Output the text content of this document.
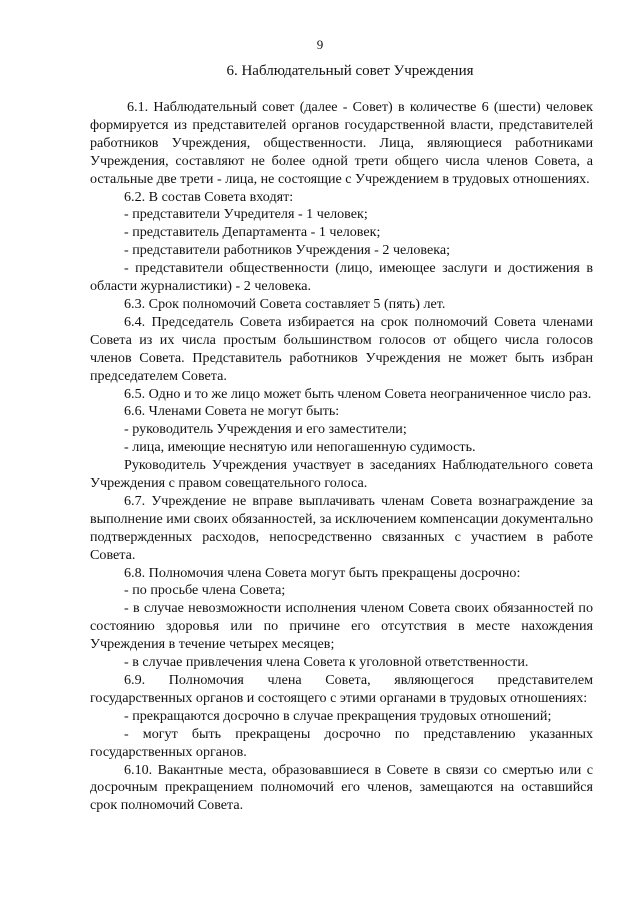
9
6. Наблюдательный совет Учреждения

6.1. Наблюдательный совет (далее - Совет) в количестве 6 (шести) человек формируется из представителей органов государственной власти, представителей работников Учреждения, общественности. Лица, являющиеся работниками Учреждения, составляют не более одной трети общего числа членов Совета, а остальные две трети - лица, не состоящие с Учреждением в трудовых отношениях.

6.2. В состав Совета входят:

- представители Учредителя - 1 человек;

- представитель Департамента - 1 человек;

- представители работников Учреждения - 2 человека;

- представители общественности (лицо, имеющее заслуги и достижения в области журналистики) - 2 человека.

6.3. Срок полномочий Совета составляет 5 (пять) лет.

6.4. Председатель Совета избирается на срок полномочий Совета членами Совета из их числа простым большинством голосов от общего числа голосов членов Совета. Представитель работников Учреждения не может быть избран председателем Совета.

6.5. Одно и то же лицо может быть членом Совета неограниченное число раз.

6.6. Членами Совета не могут быть:

- руководитель Учреждения и его заместители;

- лица, имеющие неснятую или непогашенную судимость.

Руководитель Учреждения участвует в заседаниях Наблюдательного совета Учреждения с правом совещательного голоса.

6.7. Учреждение не вправе выплачивать членам Совета вознаграждение за выполнение ими своих обязанностей, за исключением компенсации документально подтвержденных расходов, непосредственно связанных с участием в работе Совета.

6.8. Полномочия члена Совета могут быть прекращены досрочно:

- по просьбе члена Совета;

- в случае невозможности исполнения членом Совета своих обязанностей по состоянию здоровья или по причине его отсутствия в месте нахождения Учреждения в течение четырех месяцев;

- в случае привлечения члена Совета к уголовной ответственности.

6.9. Полномочия члена Совета, являющегося представителем государственных органов и состоящего с этими органами в трудовых отношениях:

- прекращаются досрочно в случае прекращения трудовых отношений;

- могут быть прекращены досрочно по представлению указанных государственных органов.

6.10. Вакантные места, образовавшиеся в Совете в связи со смертью или с досрочным прекращением полномочий его членов, замещаются на оставшийся срок полномочий Совета.
